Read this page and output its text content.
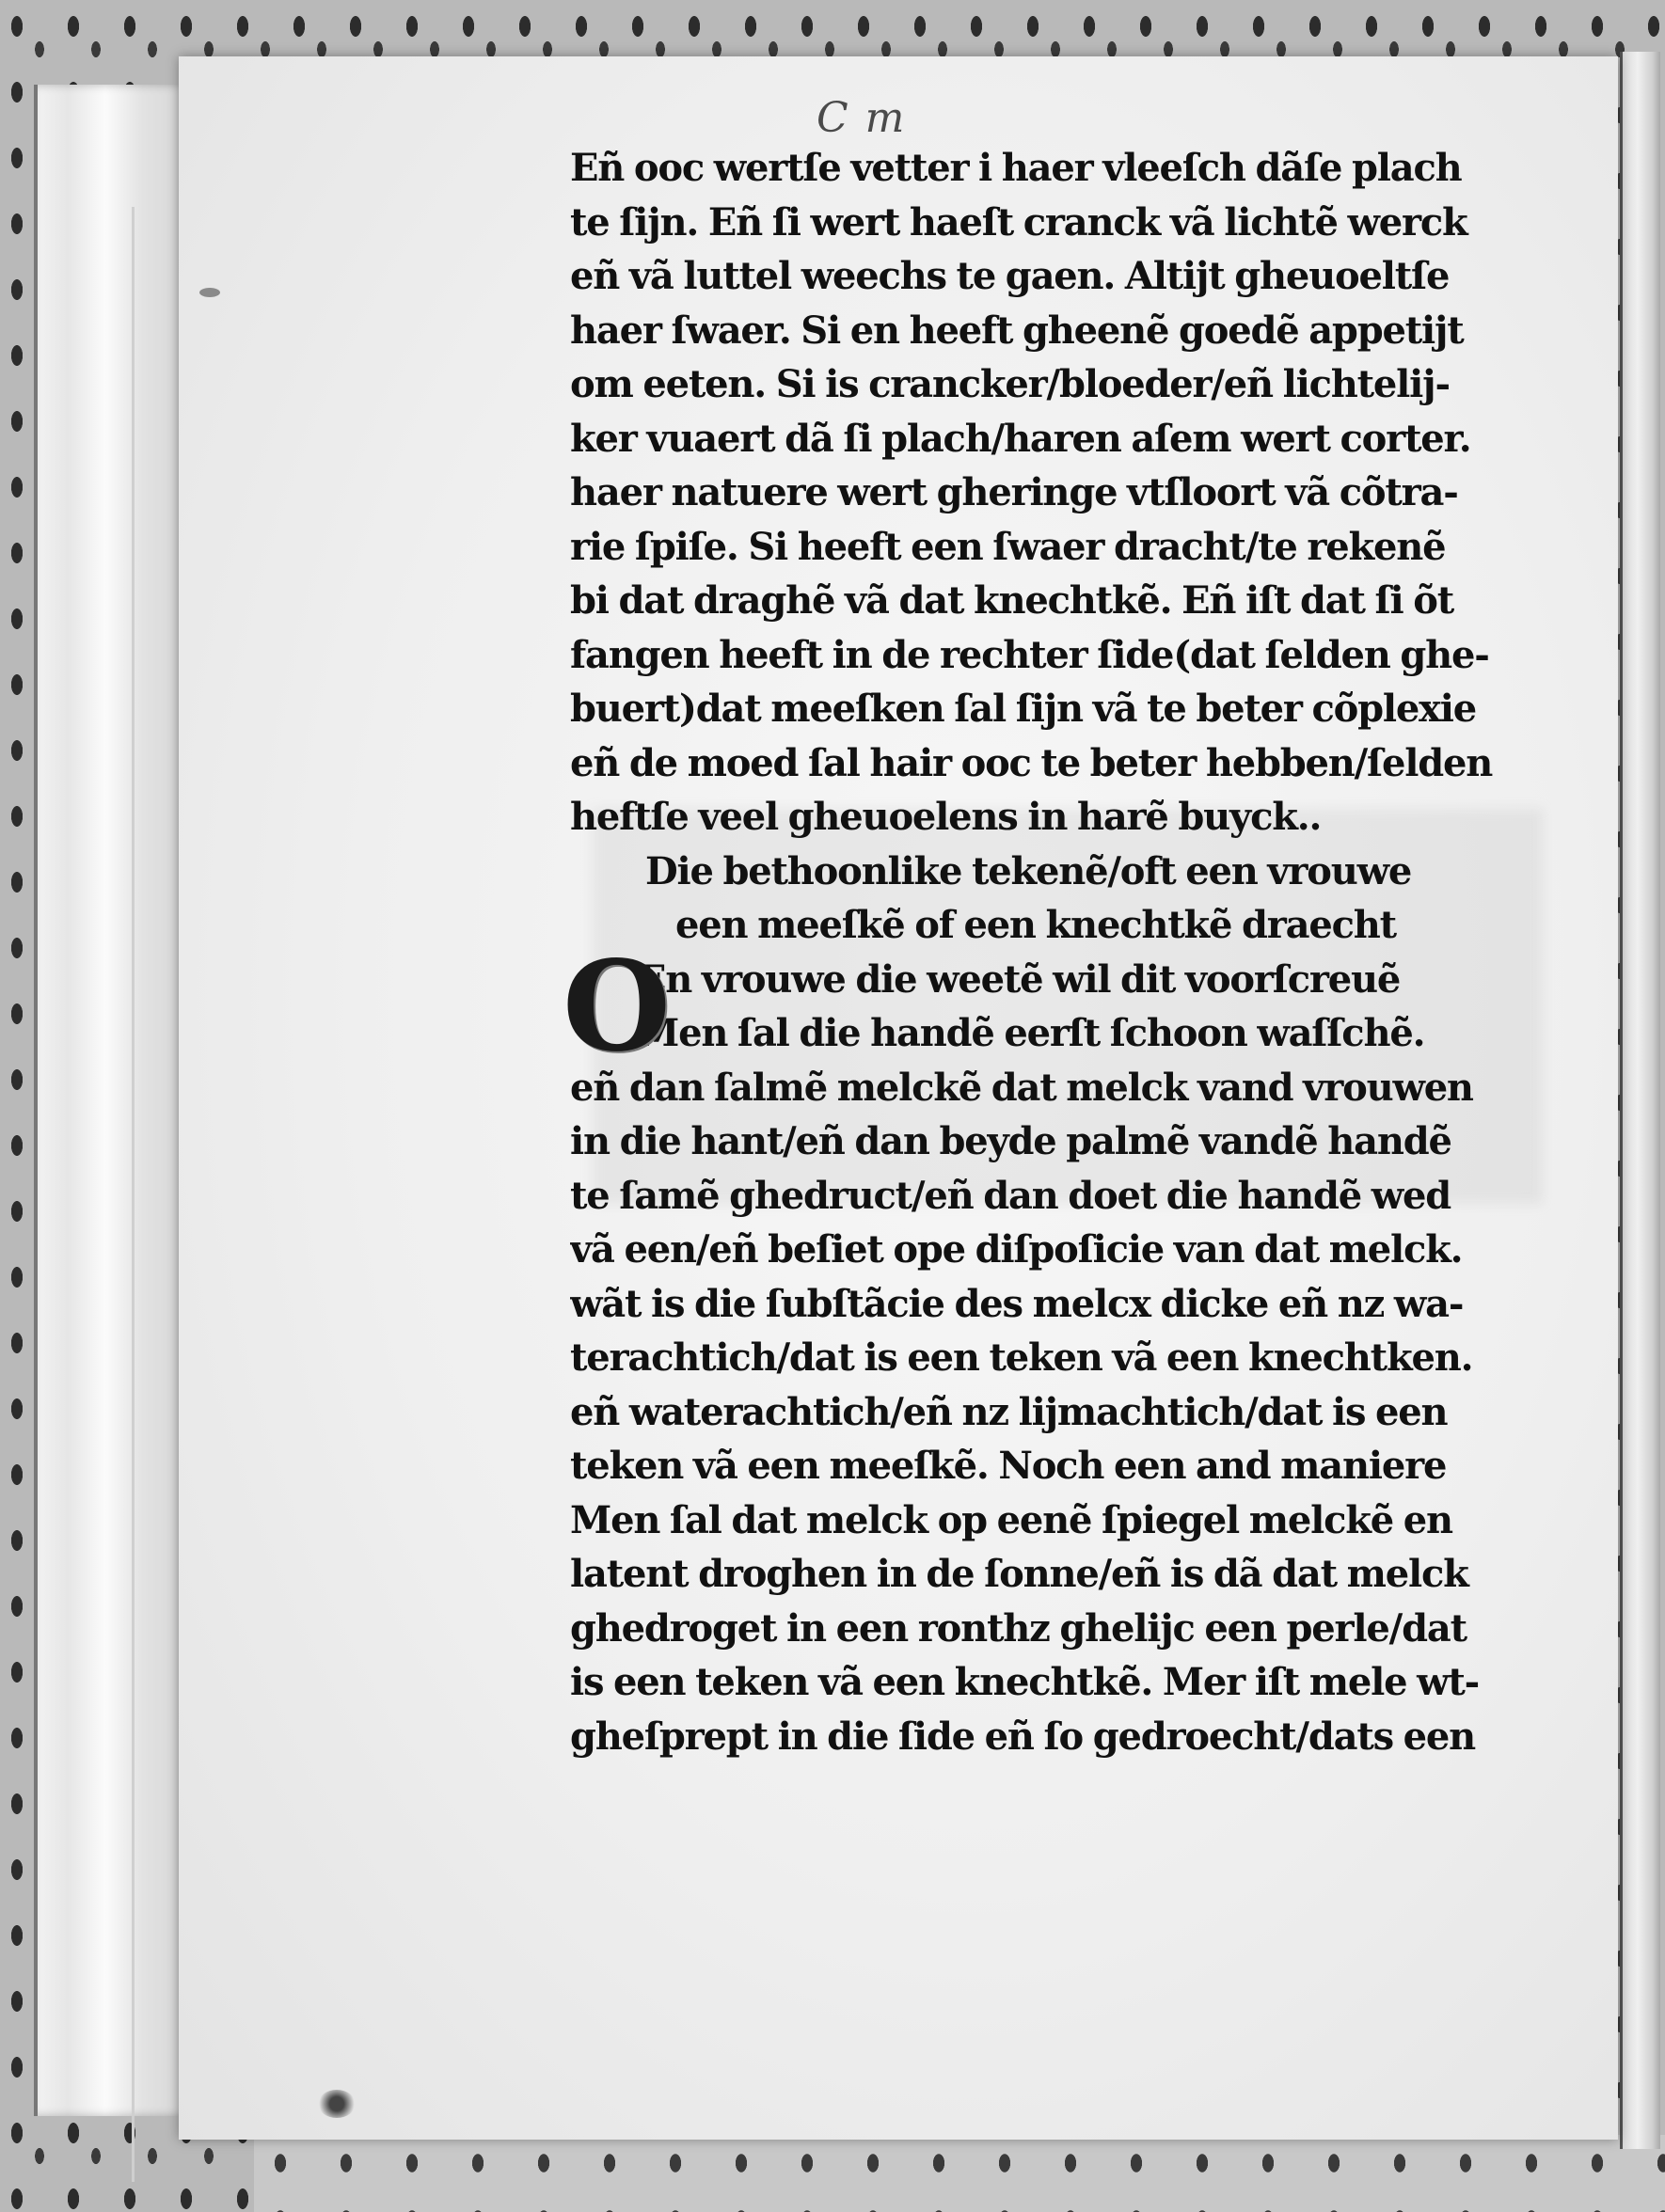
C m
Eñ ooc wertſe vetter i haer vleeſch dãſe plach
te ſijn. Eñ ſi wert haeſt cranck vã lichtẽ werck
eñ vã luttel weechs te gaen. Altijt gheuoeltſe
haer ſwaer. Si en heeft gheenẽ goedẽ appetijt
om eeten. Si is crancker/bloeder/eñ lichtelij-
ker vuaert dã ſi plach/haren aſem wert corter.
haer natuere wert gheringe vtſloort vã cõtra-
rie ſpiſe. Si heeft een ſwaer dracht/te rekenẽ
bi dat draghẽ vã dat knechtkẽ. Eñ iſt dat ſi õt
fangen heeft in de rechter ſide(dat ſelden ghe-
buert)dat meeſken ſal ſijn vã te beter cõplexie
eñ de moed ſal hair ooc te beter hebben/ſelden
heftſe veel gheuoelens in harẽ buyck..
Die bethoonlike tekenẽ/oft een vrouwe
een meeſkẽ of een knechtkẽ draecht
En vrouwe die weetẽ wil dit voorſcreuẽ
Men ſal die handẽ eerſt ſchoon waſſchẽ.
eñ dan ſalmẽ melckẽ dat melck vand vrouwen
in die hant/eñ dan beyde palmẽ vandẽ handẽ
te ſamẽ ghedruct/eñ dan doet die handẽ wed
vã een/eñ beſiet ope diſpoſicie van dat melck.
wãt is die ſubſtãcie des melcx dicke eñ nz wa-
terachtich/dat is een teken vã een knechtken.
eñ waterachtich/eñ nz lijmachtich/dat is een
teken vã een meeſkẽ. Noch een and maniere
Men ſal dat melck op eenẽ ſpiegel melckẽ en
latent droghen in de ſonne/eñ is dã dat melck
ghedroget in een ronthz ghelijc een perle/dat
is een teken vã een knechtkẽ. Mer iſt mele wt-
gheſprept in die ſide eñ ſo gedroecht/dats een
O
